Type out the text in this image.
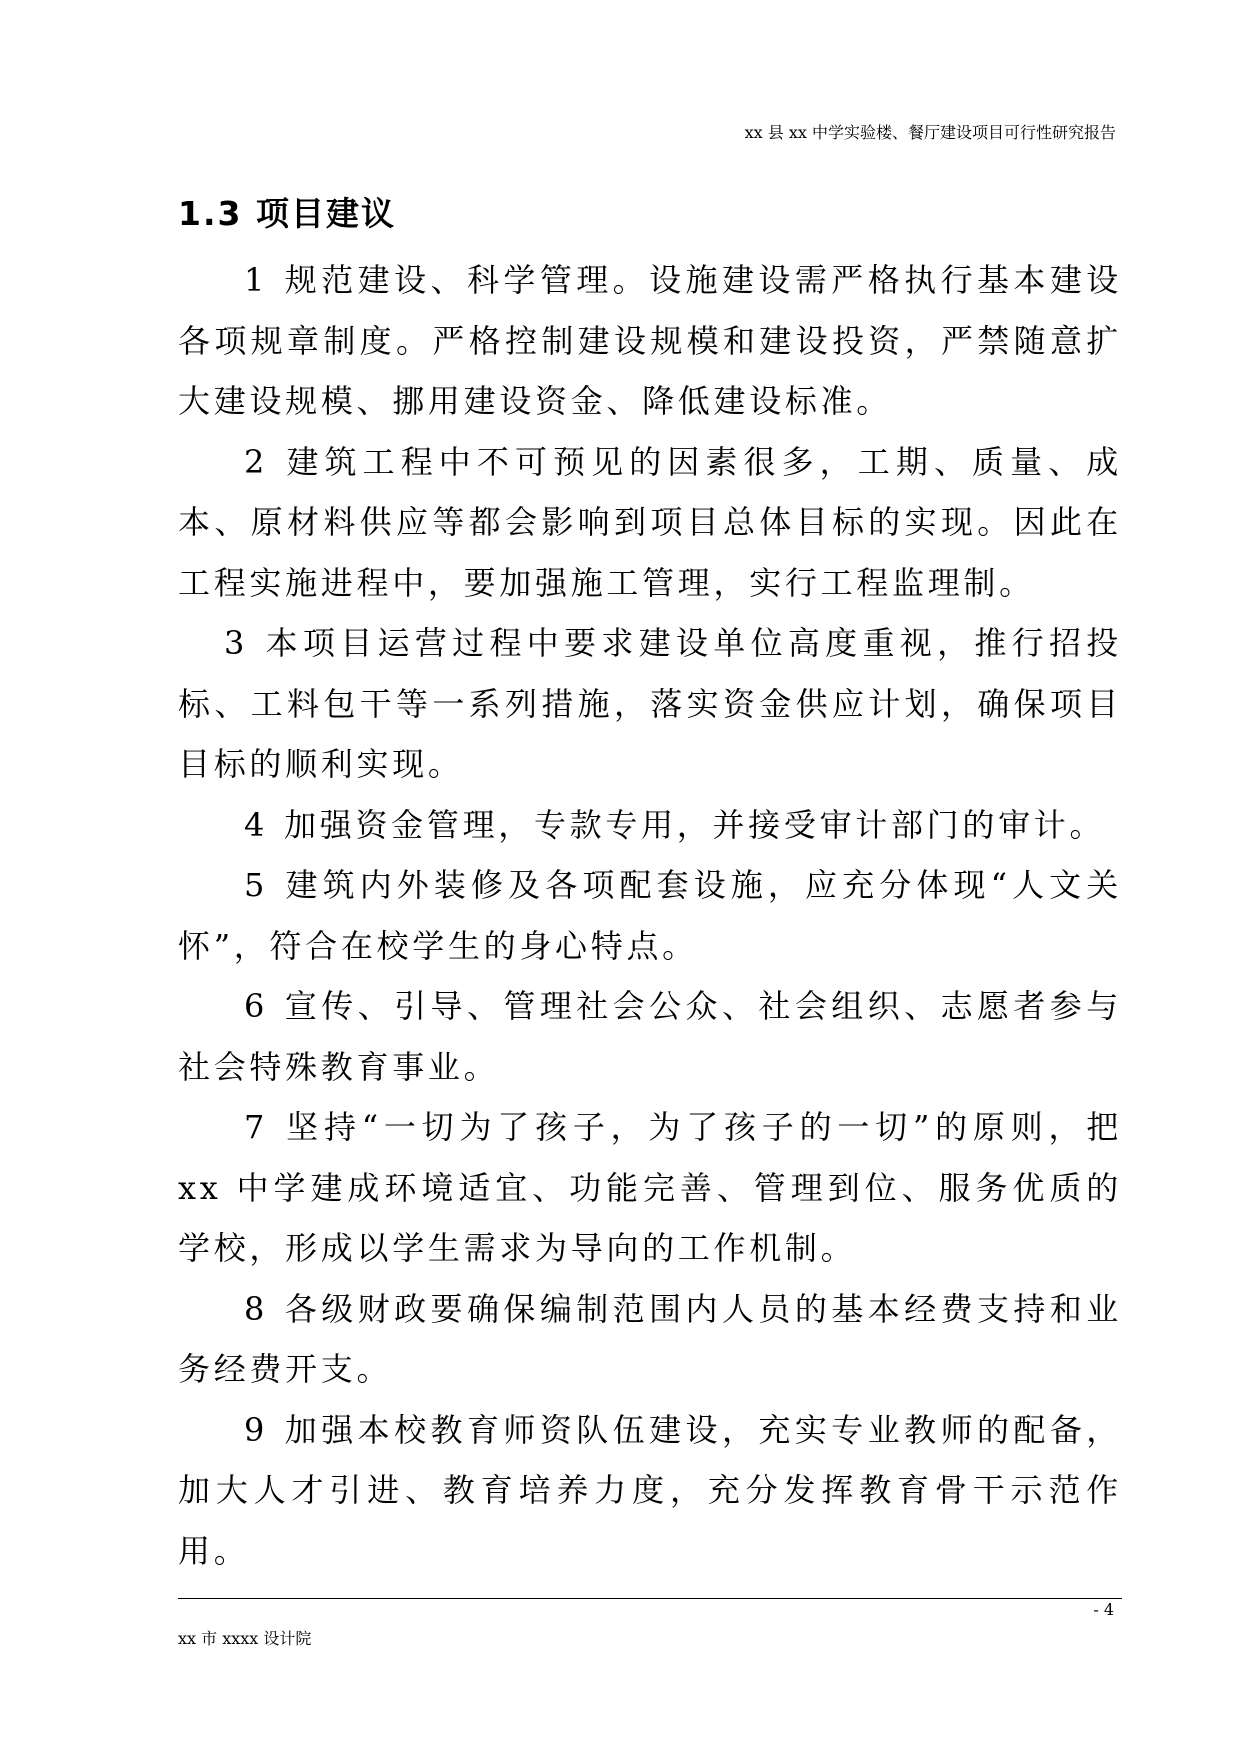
xx 县 xx 中学实验楼、餐厅建设项目可行性研究报告
1.3 项目建议

1 规范建设、科学管理。设施建设需严格执行基本建设各项规章制度。严格控制建设规模和建设投资，严禁随意扩大建设规模、挪用建设资金、降低建设标准。

2 建筑工程中不可预见的因素很多，工期、质量、成本、原材料供应等都会影响到项目总体目标的实现。因此在工程实施进程中，要加强施工管理，实行工程监理制。

3 本项目运营过程中要求建设单位高度重视，推行招投标、工料包干等一系列措施，落实资金供应计划，确保项目目标的顺利实现。

4 加强资金管理，专款专用，并接受审计部门的审计。

5 建筑内外装修及各项配套设施，应充分体现“人文关怀”，符合在校学生的身心特点。

6 宣传、引导、管理社会公众、社会组织、志愿者参与社会特殊教育事业。

7 坚持“一切为了孩子，为了孩子的一切”的原则，把 xx 中学建成环境适宜、功能完善、管理到位、服务优质的学校，形成以学生需求为导向的工作机制。

8 各级财政要确保编制范围内人员的基本经费支持和业务经费开支。

9 加强本校教育师资队伍建设，充实专业教师的配备，加大人才引进、教育培养力度，充分发挥教育骨干示范作用。

- 4
xx 市 xxxx 设计院
